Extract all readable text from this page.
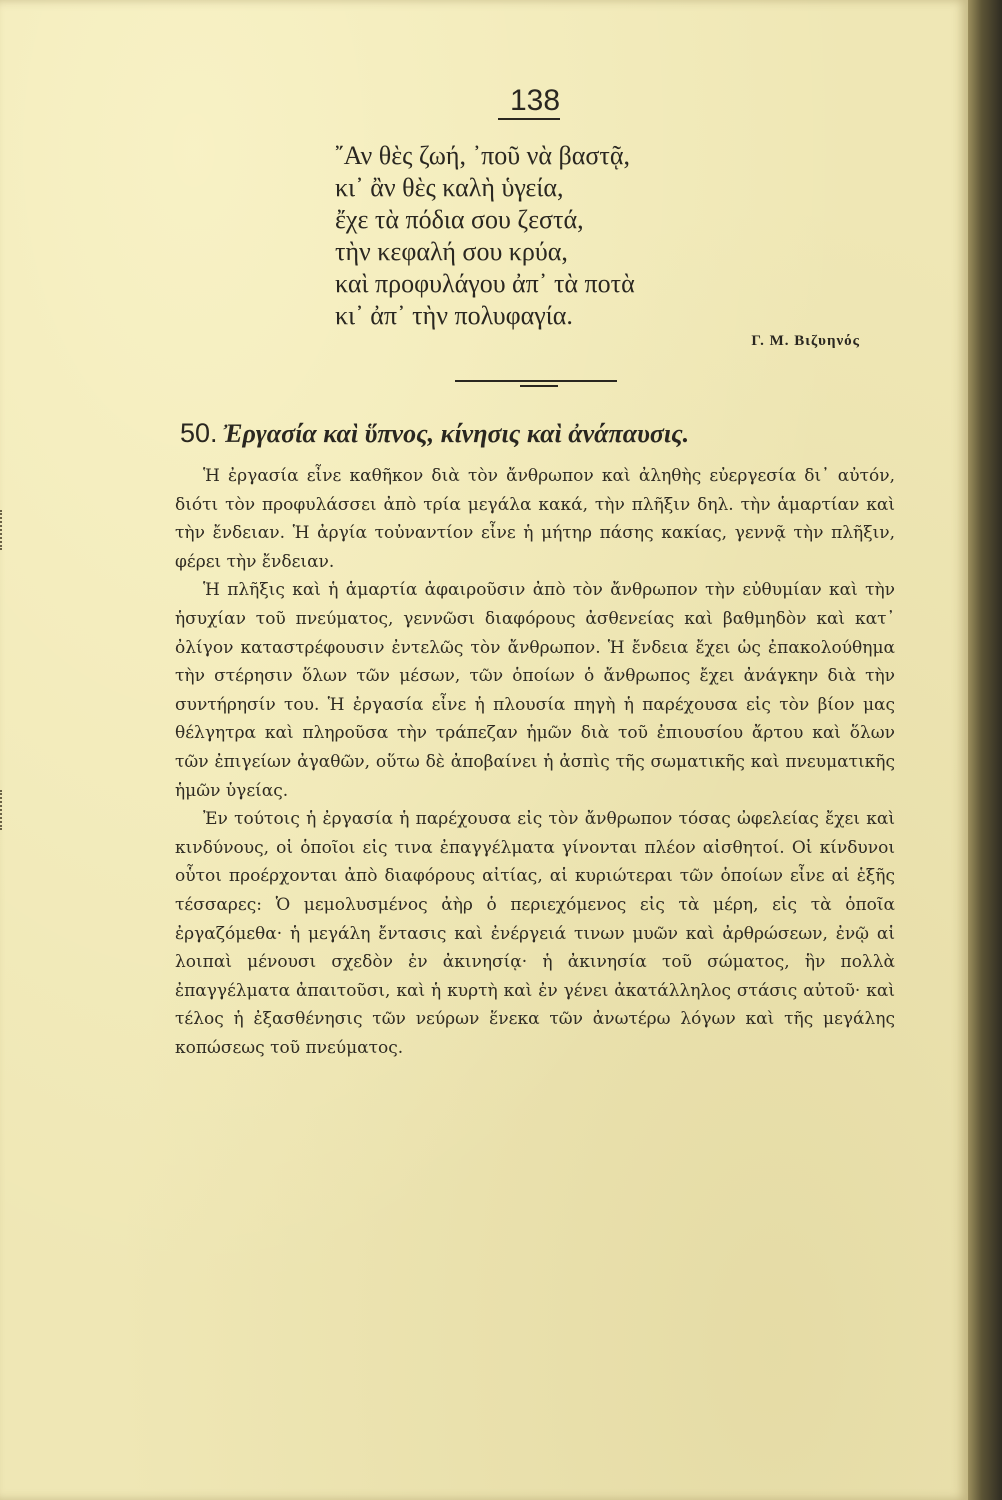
138
῎Αν θὲς ζωή, ᾽ποῦ νὰ βαστᾷ,
κι᾽ ἂν θὲς καλὴ ὑγεία,
ἔχε τὰ πόδια σου ζεστά,
τὴν κεφαλή σου κρύα,
καὶ προφυλάγου ἀπ᾽ τὰ ποτὰ
κι᾽ ἀπ᾽ τὴν πολυφαγία.
Γ. Μ. Βιζυηνός
50. Ἐργασία καὶ ὕπνος, κίνησις καὶ ἀνάπαυσις.

Ἡ ἐργασία εἶνε καθῆκον διὰ τὸν ἄνθρωπον καὶ ἀληθὴς εὐεργεσία δι᾽ αὐτόν, διότι τὸν προφυλάσσει ἀπὸ τρία μεγάλα κακά, τὴν πλῆξιν δηλ. τὴν ἁμαρτίαν καὶ τὴν ἔνδειαν. Ἡ ἀργία τοὐναντίον εἶνε ἡ μήτηρ πάσης κακίας, γεννᾷ τὴν πλῆξιν, φέρει τὴν ἔνδειαν.

Ἡ πλῆξις καὶ ἡ ἁμαρτία ἀφαιροῦσιν ἀπὸ τὸν ἄνθρωπον τὴν εὐθυμίαν καὶ τὴν ἡσυχίαν τοῦ πνεύματος, γεννῶσι διαφόρους ἀσθενείας καὶ βαθμηδὸν καὶ κατ᾽ ὀλίγον καταστρέφουσιν ἐντελῶς τὸν ἄνθρωπον. Ἡ ἔνδεια ἔχει ὡς ἐπακολούθημα τὴν στέρησιν ὅλων τῶν μέσων, τῶν ὁποίων ὁ ἄνθρωπος ἔχει ἀνάγκην διὰ τὴν συντήρησίν του. Ἡ ἐργασία εἶνε ἡ πλουσία πηγὴ ἡ παρέχουσα εἰς τὸν βίον μας θέλγητρα καὶ πληροῦσα τὴν τράπεζαν ἡμῶν διὰ τοῦ ἐπιουσίου ἄρτου καὶ ὅλων τῶν ἐπιγείων ἀγαθῶν, οὕτω δὲ ἀποβαίνει ἡ ἀσπὶς τῆς σωματικῆς καὶ πνευματικῆς ἡμῶν ὑγείας.

Ἐν τούτοις ἡ ἐργασία ἡ παρέχουσα εἰς τὸν ἄνθρωπον τόσας ὠφελείας ἔχει καὶ κινδύνους, οἱ ὁποῖοι εἰς τινα ἐπαγγέλματα γίνονται πλέον αἰσθητοί. Οἱ κίνδυνοι οὗτοι προέρχονται ἀπὸ διαφόρους αἰτίας, αἱ κυριώτεραι τῶν ὁποίων εἶνε αἱ ἑξῆς τέσσαρες: Ὁ μεμολυσμένος ἀὴρ ὁ περιεχόμενος εἰς τὰ μέρη, εἰς τὰ ὁποῖα ἐργαζόμεθα· ἡ μεγάλη ἔντασις καὶ ἐνέργειά τινων μυῶν καὶ ἀρθρώσεων, ἐνῷ αἱ λοιπαὶ μένουσι σχεδὸν ἐν ἀκινησίᾳ· ἡ ἀκινησία τοῦ σώματος, ἣν πολλὰ ἐπαγγέλματα ἀπαιτοῦσι, καὶ ἡ κυρτὴ καὶ ἐν γένει ἀκατάλληλος στάσις αὐτοῦ· καὶ τέλος ἡ ἐξασθένησις τῶν νεύρων ἕνεκα τῶν ἀνωτέρω λόγων καὶ τῆς μεγάλης κοπώσεως τοῦ πνεύματος.
